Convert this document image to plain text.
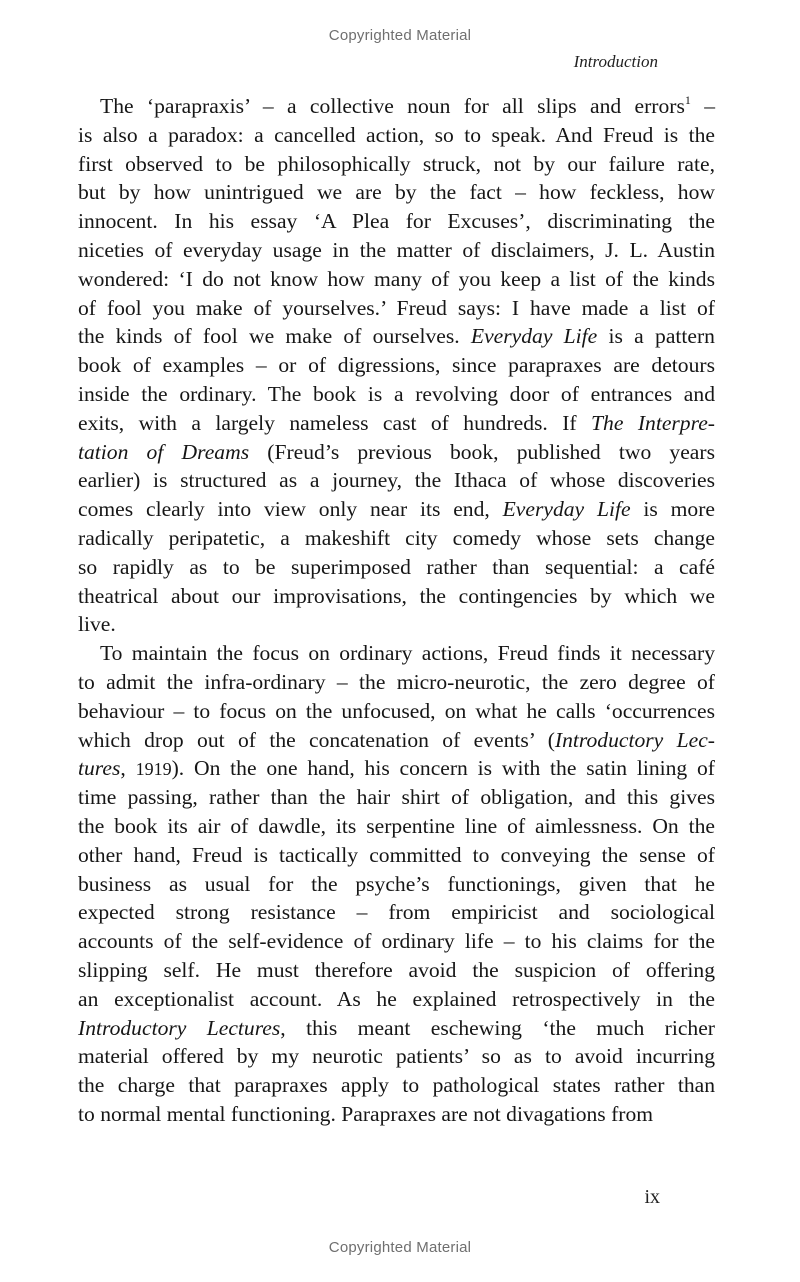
Copyrighted Material
Introduction
The ‘parapraxis’ – a collective noun for all slips and errors$^1$ –
is also a paradox: a cancelled action, so to speak. And Freud is the
first observed to be philosophically struck, not by our failure rate,
but by how unintrigued we are by the fact – how feckless, how
innocent. In his essay ‘A Plea for Excuses’, discriminating the
niceties of everyday usage in the matter of disclaimers, J. L. Austin
wondered: ‘I do not know how many of you keep a list of the kinds
of fool you make of yourselves.’ Freud says: I have made a list of
the kinds of fool we make of ourselves. Everyday Life is a pattern
book of examples – or of digressions, since parapraxes are detours
inside the ordinary. The book is a revolving door of entrances and
exits, with a largely nameless cast of hundreds. If The Interpre-
tation of Dreams (Freud’s previous book, published two years
earlier) is structured as a journey, the Ithaca of whose discoveries
comes clearly into view only near its end, Everyday Life is more
radically peripatetic, a makeshift city comedy whose sets change
so rapidly as to be superimposed rather than sequential: a café
theatrical about our improvisations, the contingencies by which we
live.
To maintain the focus on ordinary actions, Freud finds it necessary
to admit the infra-ordinary – the micro-neurotic, the zero degree of
behaviour – to focus on the unfocused, on what he calls ‘occurrences
which drop out of the concatenation of events’ (Introductory Lec-
tures, 1919). On the one hand, his concern is with the satin lining of
time passing, rather than the hair shirt of obligation, and this gives
the book its air of dawdle, its serpentine line of aimlessness. On the
other hand, Freud is tactically committed to conveying the sense of
business as usual for the psyche’s functionings, given that he
expected strong resistance – from empiricist and sociological
accounts of the self-evidence of ordinary life – to his claims for the
slipping self. He must therefore avoid the suspicion of offering
an exceptionalist account. As he explained retrospectively in the
Introductory Lectures, this meant eschewing ‘the much richer
material offered by my neurotic patients’ so as to avoid incurring
the charge that parapraxes apply to pathological states rather than
to normal mental functioning. Parapraxes are not divagations from
ix
Copyrighted Material
